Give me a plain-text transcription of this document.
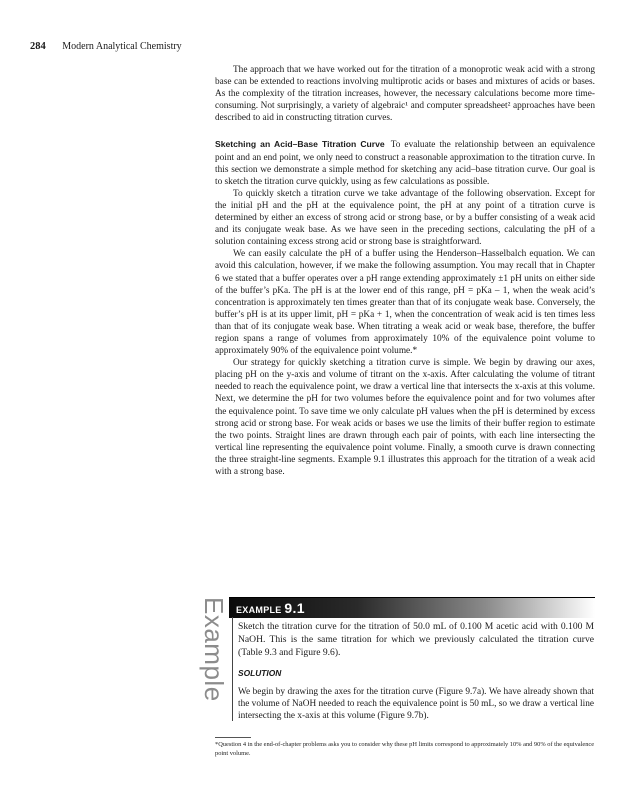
284 Modern Analytical Chemistry

The approach that we have worked out for the titration of a monoprotic weak acid with a strong base can be extended to reactions involving multiprotic acids or bases and mixtures of acids or bases. As the complexity of the titration increases, however, the necessary calculations become more time-consuming. Not surprisingly, a variety of algebraic¹ and computer spreadsheet² approaches have been described to aid in constructing titration curves.

Sketching an Acid–Base Titration Curve To evaluate the relationship between an equivalence point and an end point, we only need to construct a reasonable approximation to the titration curve. In this section we demonstrate a simple method for sketching any acid–base titration curve. Our goal is to sketch the titration curve quickly, using as few calculations as possible.

To quickly sketch a titration curve we take advantage of the following observation. Except for the initial pH and the pH at the equivalence point, the pH at any point of a titration curve is determined by either an excess of strong acid or strong base, or by a buffer consisting of a weak acid and its conjugate weak base. As we have seen in the preceding sections, calculating the pH of a solution containing excess strong acid or strong base is straightforward.

We can easily calculate the pH of a buffer using the Henderson–Hasselbalch equation. We can avoid this calculation, however, if we make the following assumption. You may recall that in Chapter 6 we stated that a buffer operates over a pH range extending approximately ±1 pH units on either side of the buffer’s pKa. The pH is at the lower end of this range, pH = pKa – 1, when the weak acid’s concentration is approximately ten times greater than that of its conjugate weak base. Conversely, the buffer’s pH is at its upper limit, pH = pKa + 1, when the concentration of weak acid is ten times less than that of its conjugate weak base. When titrating a weak acid or weak base, therefore, the buffer region spans a range of volumes from approximately 10% of the equivalence point volume to approximately 90% of the equivalence point volume.*

Our strategy for quickly sketching a titration curve is simple. We begin by drawing our axes, placing pH on the y-axis and volume of titrant on the x-axis. After calculating the volume of titrant needed to reach the equivalence point, we draw a vertical line that intersects the x-axis at this volume. Next, we determine the pH for two volumes before the equivalence point and for two volumes after the equivalence point. To save time we only calculate pH values when the pH is determined by excess strong acid or strong base. For weak acids or bases we use the limits of their buffer region to estimate the two points. Straight lines are drawn through each pair of points, with each line intersecting the vertical line representing the equivalence point volume. Finally, a smooth curve is drawn connecting the three straight-line segments. Example 9.1 illustrates this approach for the titration of a weak acid with a strong base.

Example EXAMPLE 9.1
Sketch the titration curve for the titration of 50.0 mL of 0.100 M acetic acid with 0.100 M NaOH. This is the same titration for which we previously calculated the titration curve (Table 9.3 and Figure 9.6).
SOLUTION
We begin by drawing the axes for the titration curve (Figure 9.7a). We have already shown that the volume of NaOH needed to reach the equivalence point is 50 mL, so we draw a vertical line intersecting the x-axis at this volume (Figure 9.7b).
*Question 4 in the end-of-chapter problems asks you to consider why these pH limits correspond to approximately 10% and 90% of the equivalence point volume.
